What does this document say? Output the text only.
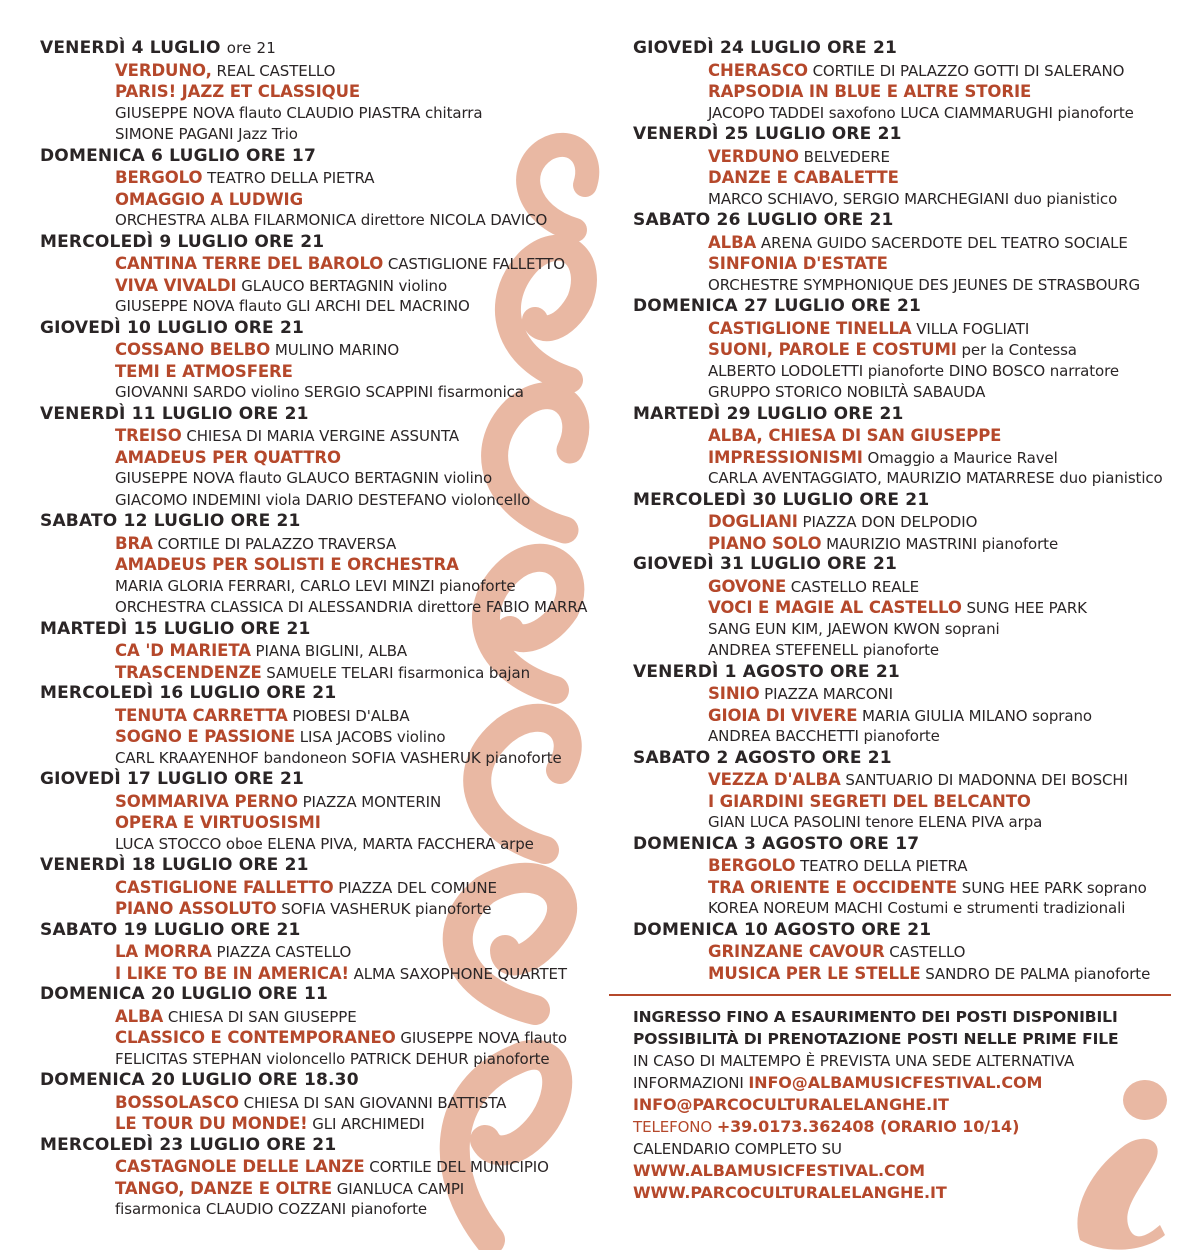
VENERDÌ 4 LUGLIO ore 21
VERDUNO, REAL CASTELLO
PARIS! JAZZ ET CLASSIQUE
GIUSEPPE NOVA flauto CLAUDIO PIASTRA chitarra
SIMONE PAGANI Jazz Trio
DOMENICA 6 LUGLIO ORE 17
BERGOLO TEATRO DELLA PIETRA
OMAGGIO A LUDWIG
ORCHESTRA ALBA FILARMONICA direttore NICOLA DAVICO
MERCOLEDÌ 9 LUGLIO ORE 21
CANTINA TERRE DEL BAROLO CASTIGLIONE FALLETTO
VIVA VIVALDI GLAUCO BERTAGNIN violino
GIUSEPPE NOVA flauto GLI ARCHI DEL MACRINO
GIOVEDÌ 10 LUGLIO ORE 21
COSSANO BELBO MULINO MARINO
TEMI E ATMOSFERE
GIOVANNI SARDO violino SERGIO SCAPPINI fisarmonica
VENERDÌ 11 LUGLIO ORE 21
TREISO CHIESA DI MARIA VERGINE ASSUNTA
AMADEUS PER QUATTRO
GIUSEPPE NOVA flauto GLAUCO BERTAGNIN violino
GIACOMO INDEMINI viola DARIO DESTEFANO violoncello
SABATO 12 LUGLIO ORE 21
BRA CORTILE DI PALAZZO TRAVERSA
AMADEUS PER SOLISTI E ORCHESTRA
MARIA GLORIA FERRARI, CARLO LEVI MINZI pianoforte
ORCHESTRA CLASSICA DI ALESSANDRIA direttore FABIO MARRA
MARTEDÌ 15 LUGLIO ORE 21
CA 'D MARIETA PIANA BIGLINI, ALBA
TRASCENDENZE SAMUELE TELARI fisarmonica bajan
MERCOLEDÌ 16 LUGLIO ORE 21
TENUTA CARRETTA PIOBESI D'ALBA
SOGNO E PASSIONE LISA JACOBS violino
CARL KRAAYENHOF bandoneon SOFIA VASHERUK pianoforte
GIOVEDÌ 17 LUGLIO ORE 21
SOMMARIVA PERNO PIAZZA MONTERIN
OPERA E VIRTUOSISMI
LUCA STOCCO oboe ELENA PIVA, MARTA FACCHERA arpe
VENERDÌ 18 LUGLIO ORE 21
CASTIGLIONE FALLETTO PIAZZA DEL COMUNE
PIANO ASSOLUTO SOFIA VASHERUK pianoforte
SABATO 19 LUGLIO ORE 21
LA MORRA PIAZZA CASTELLO
I LIKE TO BE IN AMERICA! ALMA SAXOPHONE QUARTET
DOMENICA 20 LUGLIO ORE 11
ALBA CHIESA DI SAN GIUSEPPE
CLASSICO E CONTEMPORANEO GIUSEPPE NOVA flauto
FELICITAS STEPHAN violoncello PATRICK DEHUR pianoforte
DOMENICA 20 LUGLIO ORE 18.30
BOSSOLASCO CHIESA DI SAN GIOVANNI BATTISTA
LE TOUR DU MONDE! GLI ARCHIMEDI
MERCOLEDÌ 23 LUGLIO ORE 21
CASTAGNOLE DELLE LANZE CORTILE DEL MUNICIPIO
TANGO, DANZE E OLTRE GIANLUCA CAMPI
fisarmonica CLAUDIO COZZANI pianoforte
GIOVEDÌ 24 LUGLIO ORE 21
CHERASCO CORTILE DI PALAZZO GOTTI DI SALERANO
RAPSODIA IN BLUE E ALTRE STORIE
JACOPO TADDEI saxofono LUCA CIAMMARUGHI pianoforte
VENERDÌ 25 LUGLIO ORE 21
VERDUNO BELVEDERE
DANZE E CABALETTE
MARCO SCHIAVO, SERGIO MARCHEGIANI duo pianistico
SABATO 26 LUGLIO ORE 21
ALBA ARENA GUIDO SACERDOTE DEL TEATRO SOCIALE
SINFONIA D'ESTATE
ORCHESTRE SYMPHONIQUE DES JEUNES DE STRASBOURG
DOMENICA 27 LUGLIO ORE 21
CASTIGLIONE TINELLA VILLA FOGLIATI
SUONI, PAROLE E COSTUMI per la Contessa
ALBERTO LODOLETTI pianoforte DINO BOSCO narratore
GRUPPO STORICO NOBILTÀ SABAUDA
MARTEDÌ 29 LUGLIO ORE 21
ALBA, CHIESA DI SAN GIUSEPPE
IMPRESSIONISMI Omaggio a Maurice Ravel
CARLA AVENTAGGIATO, MAURIZIO MATARRESE duo pianistico
MERCOLEDÌ 30 LUGLIO ORE 21
DOGLIANI PIAZZA DON DELPODIO
PIANO SOLO MAURIZIO MASTRINI pianoforte
GIOVEDÌ 31 LUGLIO ORE 21
GOVONE CASTELLO REALE
VOCI E MAGIE AL CASTELLO SUNG HEE PARK
SANG EUN KIM, JAEWON KWON soprani
ANDREA STEFENELL pianoforte
VENERDÌ 1 AGOSTO ORE 21
SINIO PIAZZA MARCONI
GIOIA DI VIVERE MARIA GIULIA MILANO soprano
ANDREA BACCHETTI pianoforte
SABATO 2 AGOSTO ORE 21
VEZZA D'ALBA SANTUARIO DI MADONNA DEI BOSCHI
I GIARDINI SEGRETI DEL BELCANTO
GIAN LUCA PASOLINI tenore ELENA PIVA arpa
DOMENICA 3 AGOSTO ORE 17
BERGOLO TEATRO DELLA PIETRA
TRA ORIENTE E OCCIDENTE SUNG HEE PARK soprano
KOREA NOREUM MACHI Costumi e strumenti tradizionali
DOMENICA 10 AGOSTO ORE 21
GRINZANE CAVOUR CASTELLO
MUSICA PER LE STELLE SANDRO DE PALMA pianoforte
INGRESSO FINO A ESAURIMENTO DEI POSTI DISPONIBILI
POSSIBILITÀ DI PRENOTAZIONE POSTI NELLE PRIME FILE
IN CASO DI MALTEMPO È PREVISTA UNA SEDE ALTERNATIVA
INFORMAZIONI INFO@ALBAMUSICFESTIVAL.COM
INFO@PARCOCULTURALELANGHE.IT
TELEFONO +39.0173.362408 (ORARIO 10/14)
CALENDARIO COMPLETO SU
WWW.ALBAMUSICFESTIVAL.COM
WWW.PARCOCULTURALELANGHE.IT
